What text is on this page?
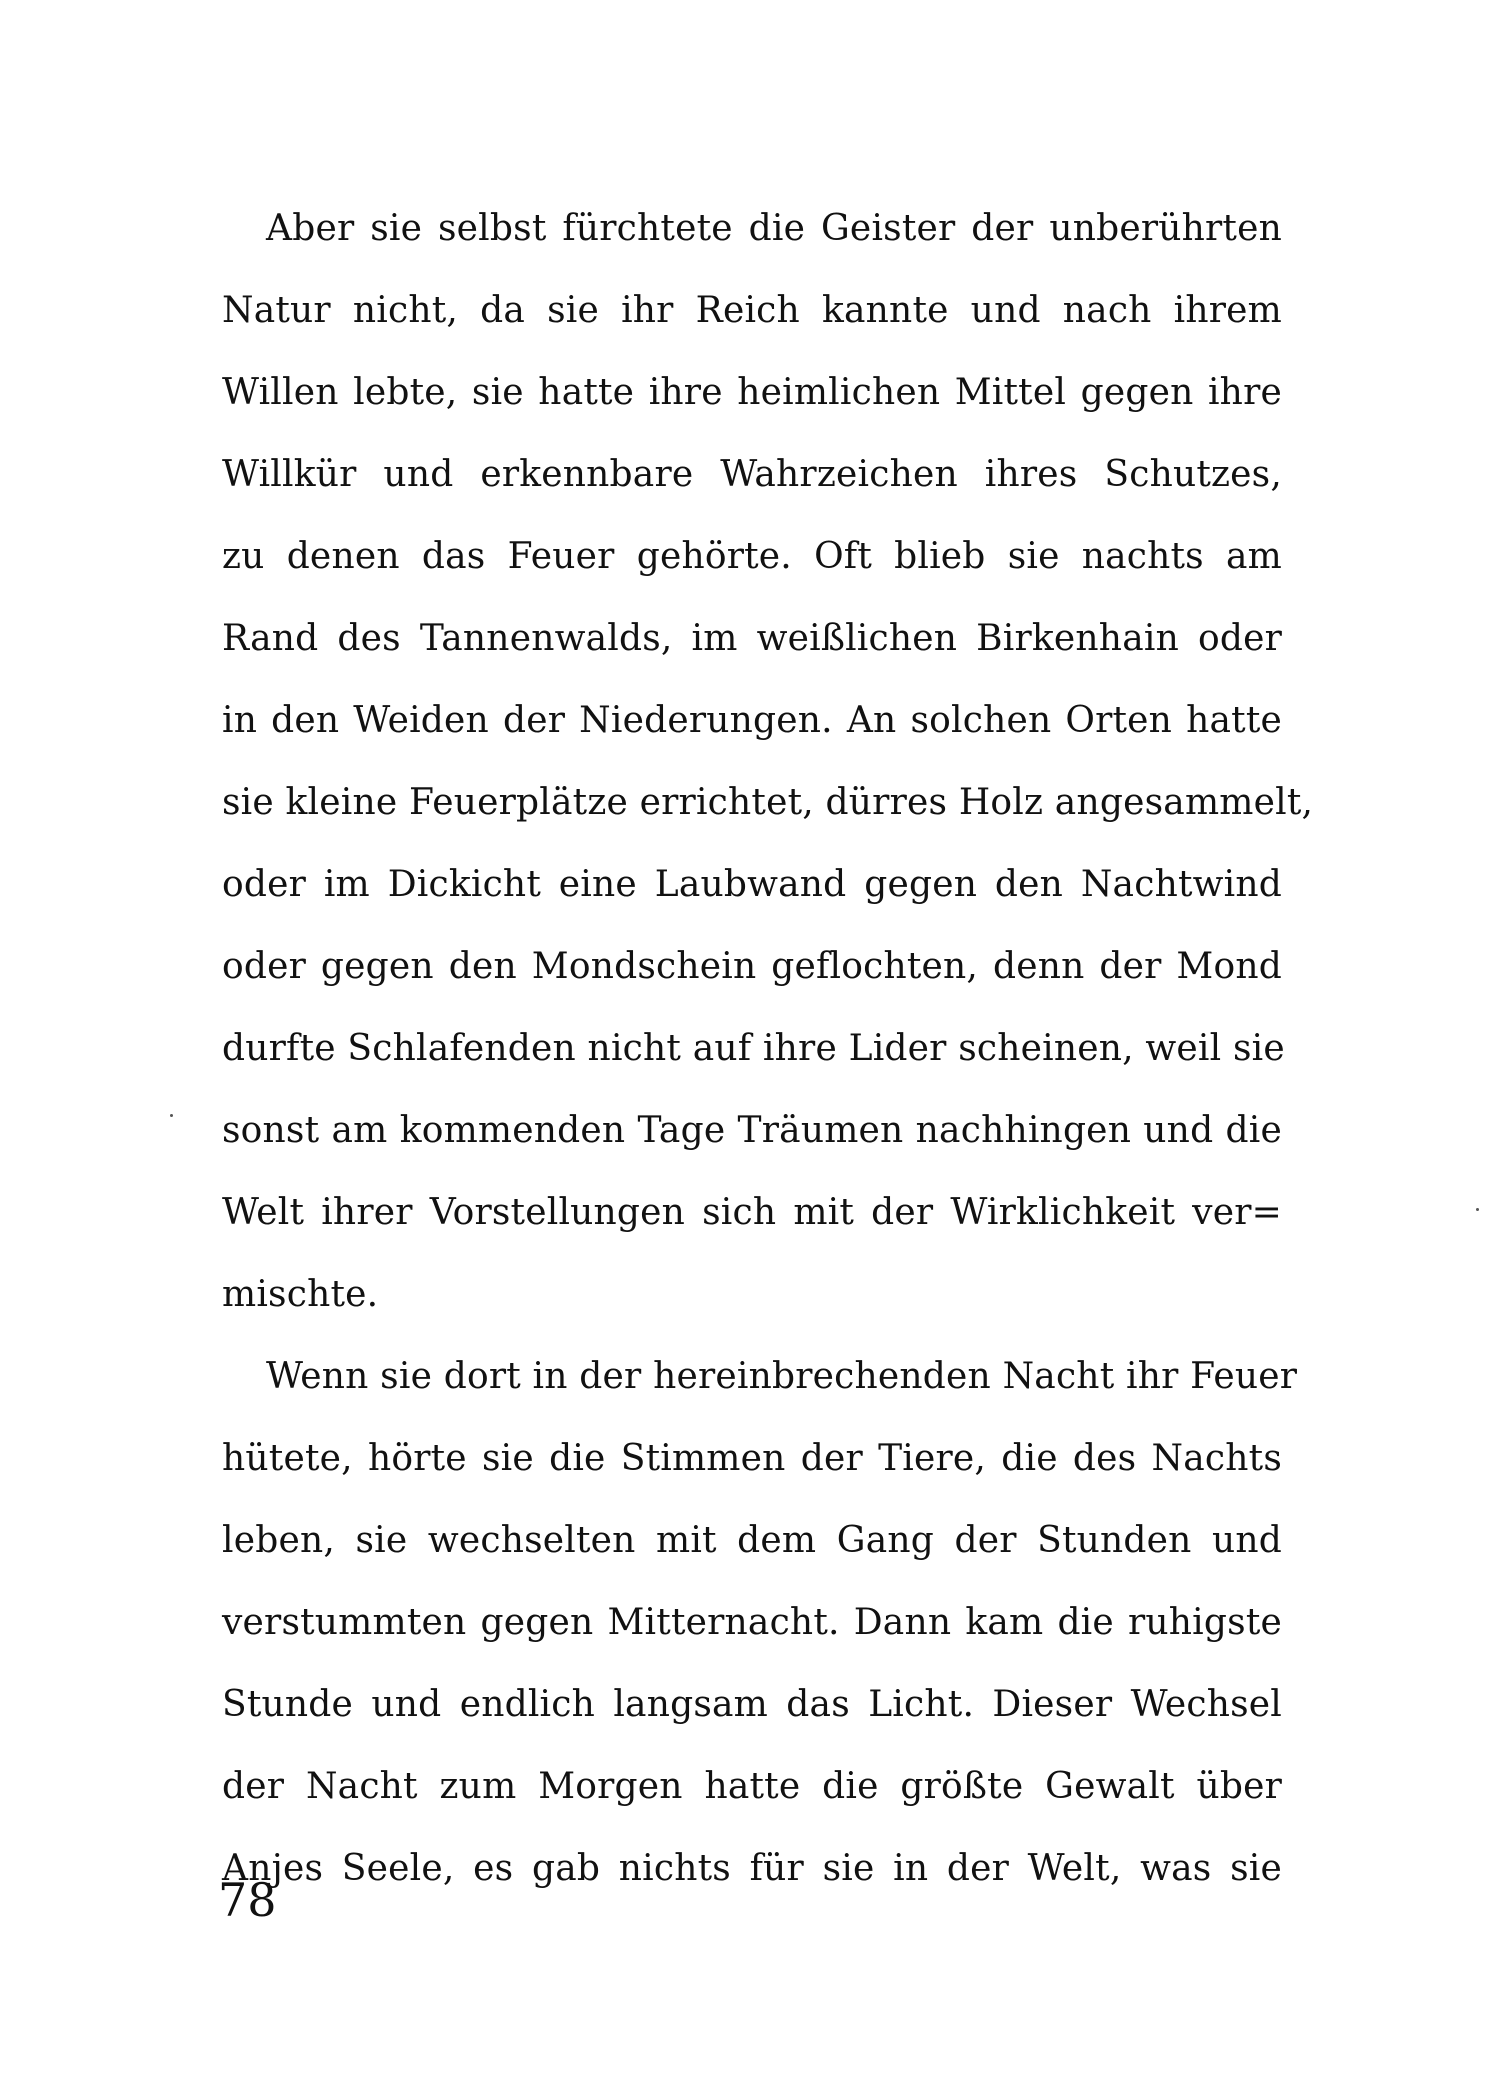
Aber sie selbst fürchtete die Geister der unberührten
Natur nicht, da sie ihr Reich kannte und nach ihrem
Willen lebte, sie hatte ihre heimlichen Mittel gegen ihre
Willkür und erkennbare Wahrzeichen ihres Schutzes,
zu denen das Feuer gehörte. Oft blieb sie nachts am
Rand des Tannenwalds, im weißlichen Birkenhain oder
in den Weiden der Niederungen. An solchen Orten hatte
sie kleine Feuerplätze errichtet, dürres Holz angesammelt,
oder im Dickicht eine Laubwand gegen den Nachtwind
oder gegen den Mondschein geflochten, denn der Mond
durfte Schlafenden nicht auf ihre Lider scheinen, weil sie
sonst am kommenden Tage Träumen nachhingen und die
Welt ihrer Vorstellungen sich mit der Wirklichkeit ver=
mischte.
Wenn sie dort in der hereinbrechenden Nacht ihr Feuer
hütete, hörte sie die Stimmen der Tiere, die des Nachts
leben, sie wechselten mit dem Gang der Stunden und
verstummten gegen Mitternacht. Dann kam die ruhigste
Stunde und endlich langsam das Licht. Dieser Wechsel
der Nacht zum Morgen hatte die größte Gewalt über
Anjes Seele, es gab nichts für sie in der Welt, was sie
78
